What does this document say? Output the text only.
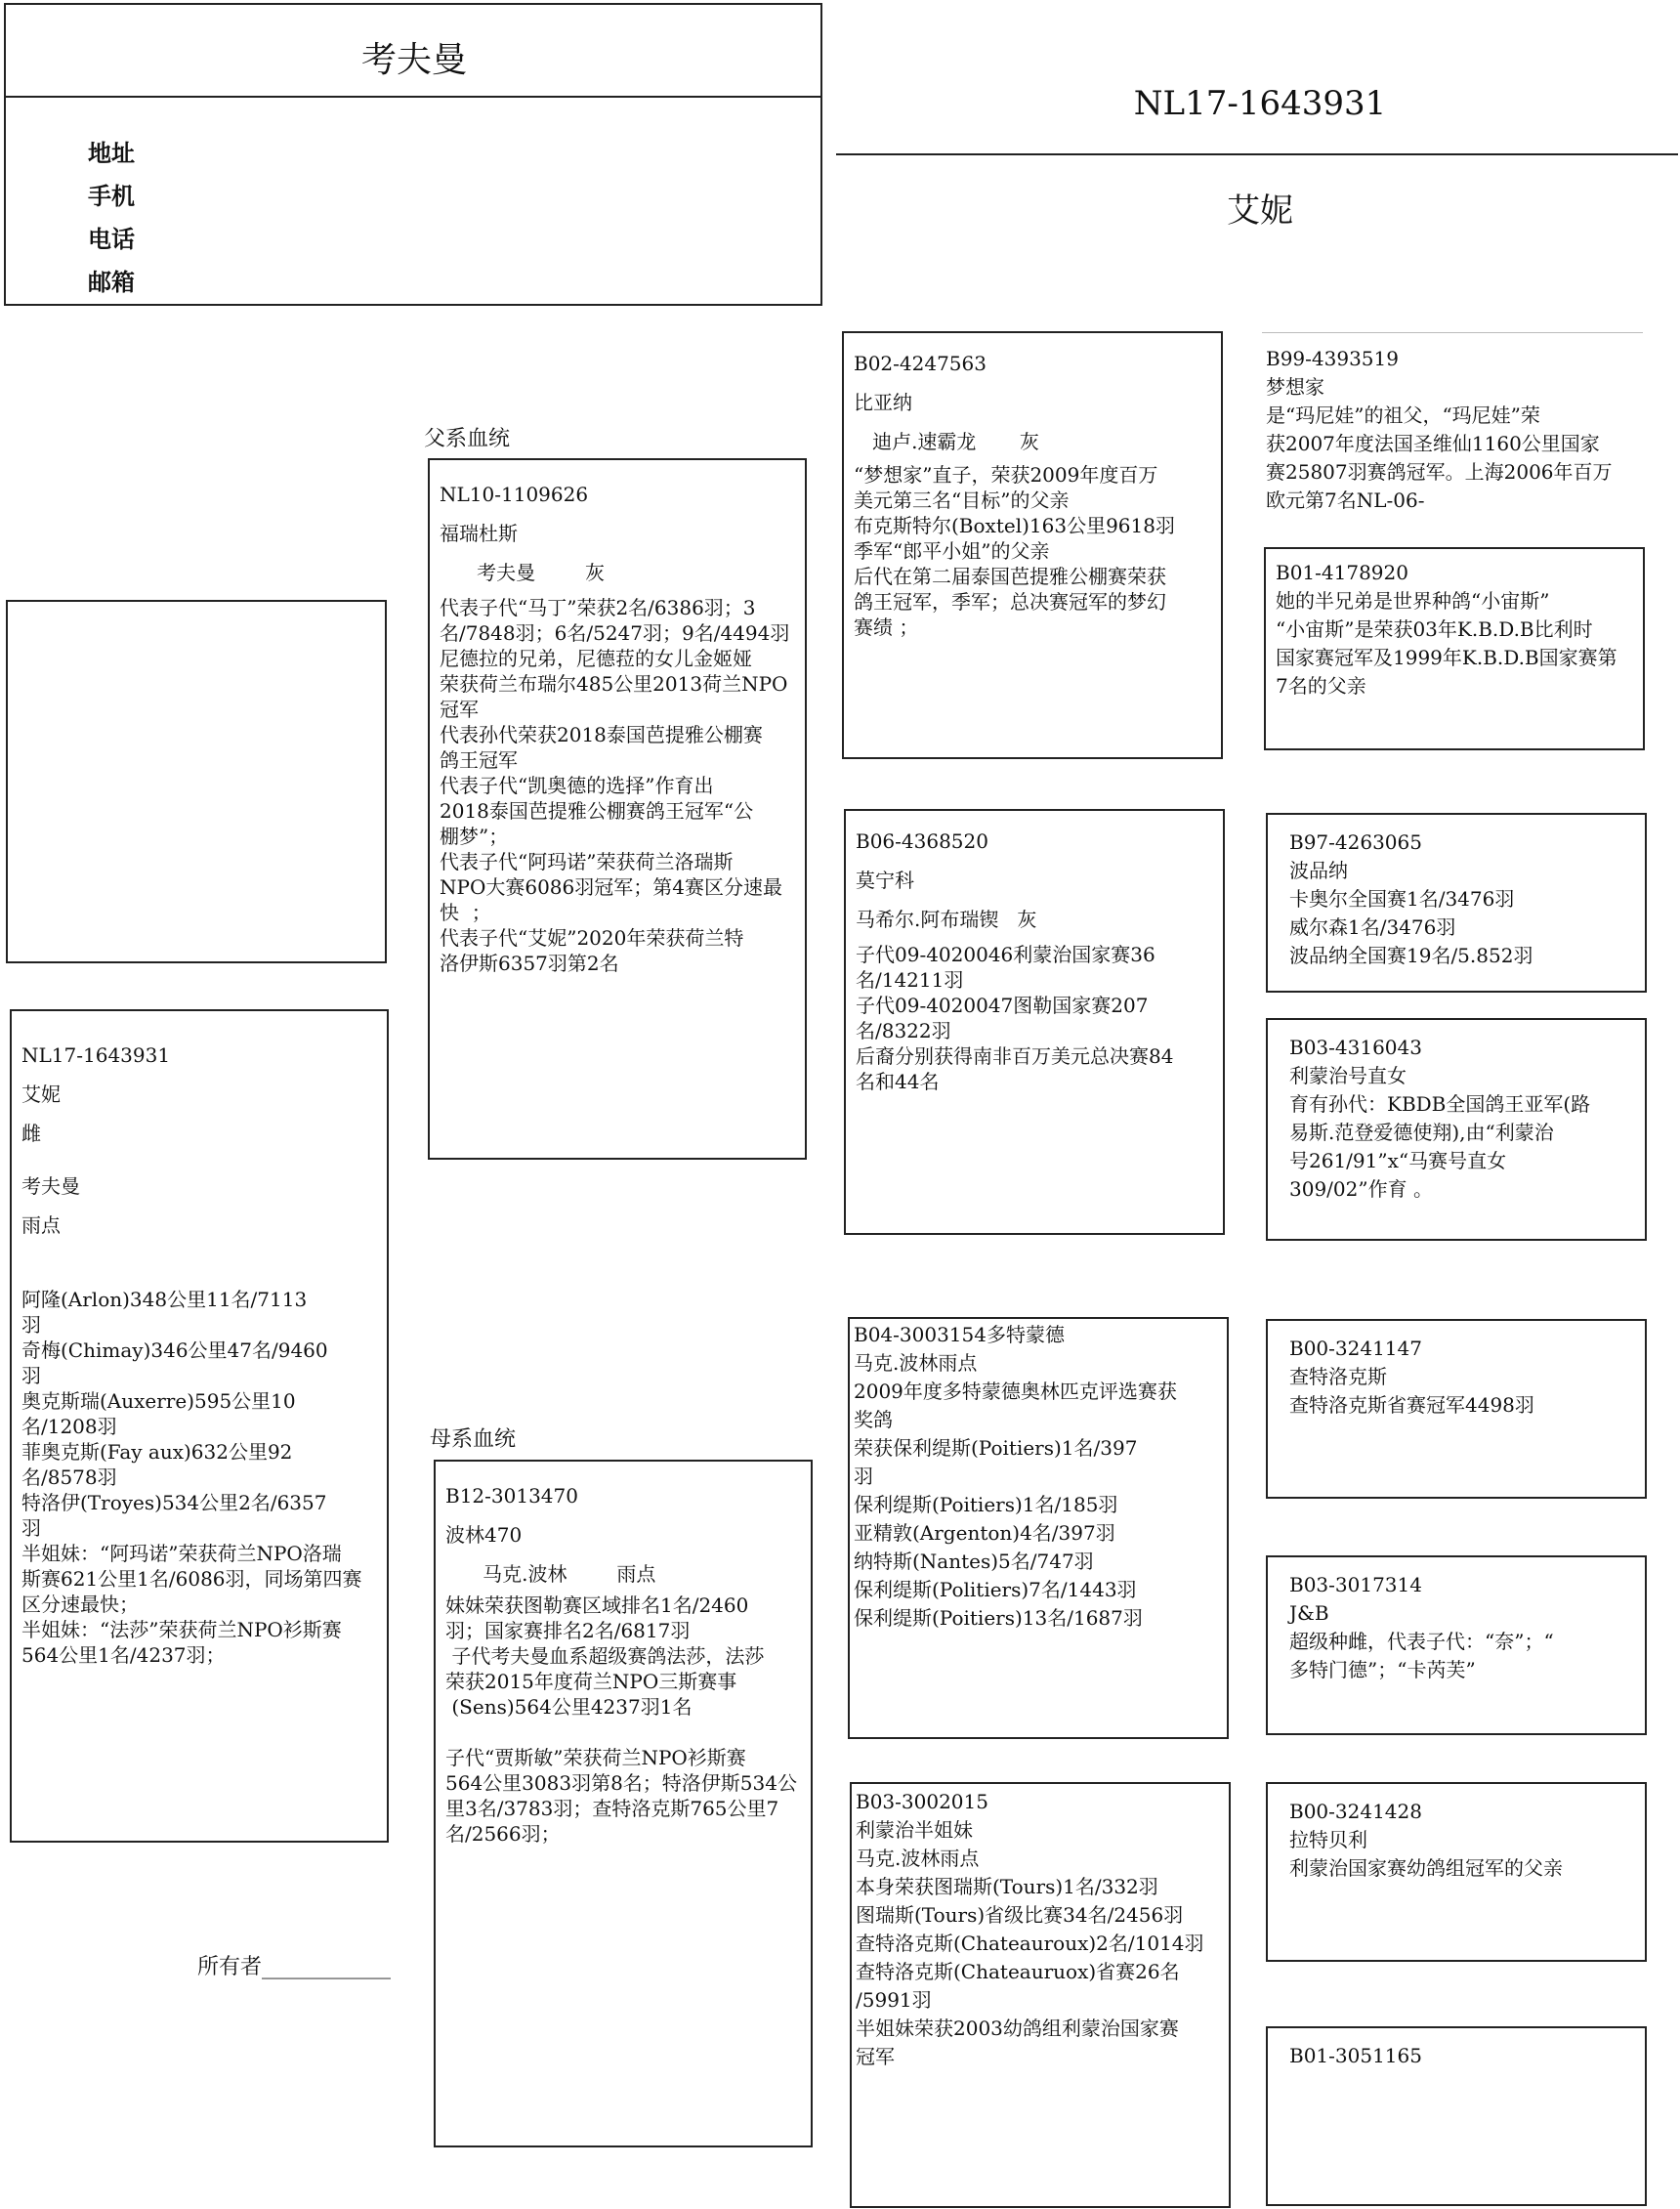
考夫曼
地址
手机
电话
邮箱
NL17-1643931
艾妮
父系血统
母系血统
所有者____________
NL17-1643931
艾妮
雌
考夫曼
雨点
阿隆(Arlon)348公里11名/7113
羽
奇梅(Chimay)346公里47名/9460
羽
奥克斯瑞(Auxerre)595公里10
名/1208羽
菲奥克斯(Fay aux)632公里92
名/8578羽
特洛伊(Troyes)534公里2名/6357
羽
半姐妹：“阿玛诺”荣获荷兰NPO洛瑞
斯赛621公里1名/6086羽，同场第四赛
区分速最快；
半姐妹：“法莎”荣获荷兰NPO衫斯赛
564公里1名/4237羽；
NL10-1109626
福瑞杜斯
考夫曼        灰
代表子代“马丁”荣获2名/6386羽；3
名/7848羽；6名/5247羽；9名/4494羽
尼德拉的兄弟，尼德菈的女儿金姬娅
荣获荷兰布瑞尔485公里2013荷兰NPO
冠军
代表孙代荣获2018泰国芭提雅公棚赛
鸽王冠军
代表子代“凯奥德的选择”作育出
2018泰国芭提雅公棚赛鸽王冠军“公
棚梦”；
代表子代“阿玛诺”荣获荷兰洛瑞斯
NPO大赛6086羽冠军；第4赛区分速最
快  ；
代表子代“艾妮”2020年荣获荷兰特
洛伊斯6357羽第2名
B12-3013470
波林470
马克.波林        雨点
妹妹荣获图勒赛区域排名1名/2460
羽；国家赛排名2名/6817羽
子代考夫曼血系超级赛鸽法莎，法莎
荣获2015年度荷兰NPO三斯赛事
(Sens)564公里4237羽1名
子代“贾斯敏”荣获荷兰NPO衫斯赛
564公里3083羽第8名；特洛伊斯534公
里3名/3783羽；查特洛克斯765公里7
名/2566羽；
B02-4247563
比亚纳
迪卢.速霸龙       灰
“梦想家”直子，荣获2009年度百万
美元第三名“目标”的父亲
布克斯特尔(Boxtel)163公里9618羽
季军“郎平小姐”的父亲
后代在第二届泰国芭提雅公棚赛荣获
鸽王冠军，季军；总决赛冠军的梦幻
赛绩 ；
B06-4368520
莫宁科
马希尔.阿布瑞锲   灰
子代09-4020046利蒙治国家赛36
名/14211羽
子代09-4020047图勒国家赛207
名/8322羽
后裔分别获得南非百万美元总决赛84
名和44名
B04-3003154多特蒙德
马克.波林雨点
2009年度多特蒙德奥林匹克评选赛获
奖鸽
荣获保利缇斯(Poitiers)1名/397
羽
保利缇斯(Poitiers)1名/185羽
亚精敦(Argenton)4名/397羽
纳特斯(Nantes)5名/747羽
保利缇斯(Politiers)7名/1443羽
保利缇斯(Poitiers)13名/1687羽
B03-3002015
利蒙治半姐妹
马克.波林雨点
本身荣获图瑞斯(Tours)1名/332羽
图瑞斯(Tours)省级比赛34名/2456羽
查特洛克斯(Chateauroux)2名/1014羽
查特洛克斯(Chateauruox)省赛26名
/5991羽
半姐妹荣获2003幼鸽组利蒙治国家赛
冠军
B99-4393519
梦想家
是“玛尼娃”的祖父，“玛尼娃”荣
获2007年度法国圣维仙1160公里国家
赛25807羽赛鸽冠军。上海2006年百万
欧元第7名NL-06-
B01-4178920
她的半兄弟是世界种鸽“小宙斯”
“小宙斯”是荣获03年K.B.D.B比利时
国家赛冠军及1999年K.B.D.B国家赛第
7名的父亲
B97-4263065
波品纳
卡奥尔全国赛1名/3476羽
威尔森1名/3476羽
波品纳全国赛19名/5.852羽
B03-4316043
利蒙治号直女
育有孙代：KBDB全国鸽王亚军(路
易斯.范登爱德使翔),由“利蒙治
号261/91”x“马赛号直女
309/02”作育 。
B00-3241147
查特洛克斯
查特洛克斯省赛冠军4498羽
B03-3017314
J&B
超级种雌，代表子代：“奈”；“
多特门德”；“卡芮芙”
B00-3241428
拉特贝利
利蒙治国家赛幼鸽组冠军的父亲
B01-3051165
